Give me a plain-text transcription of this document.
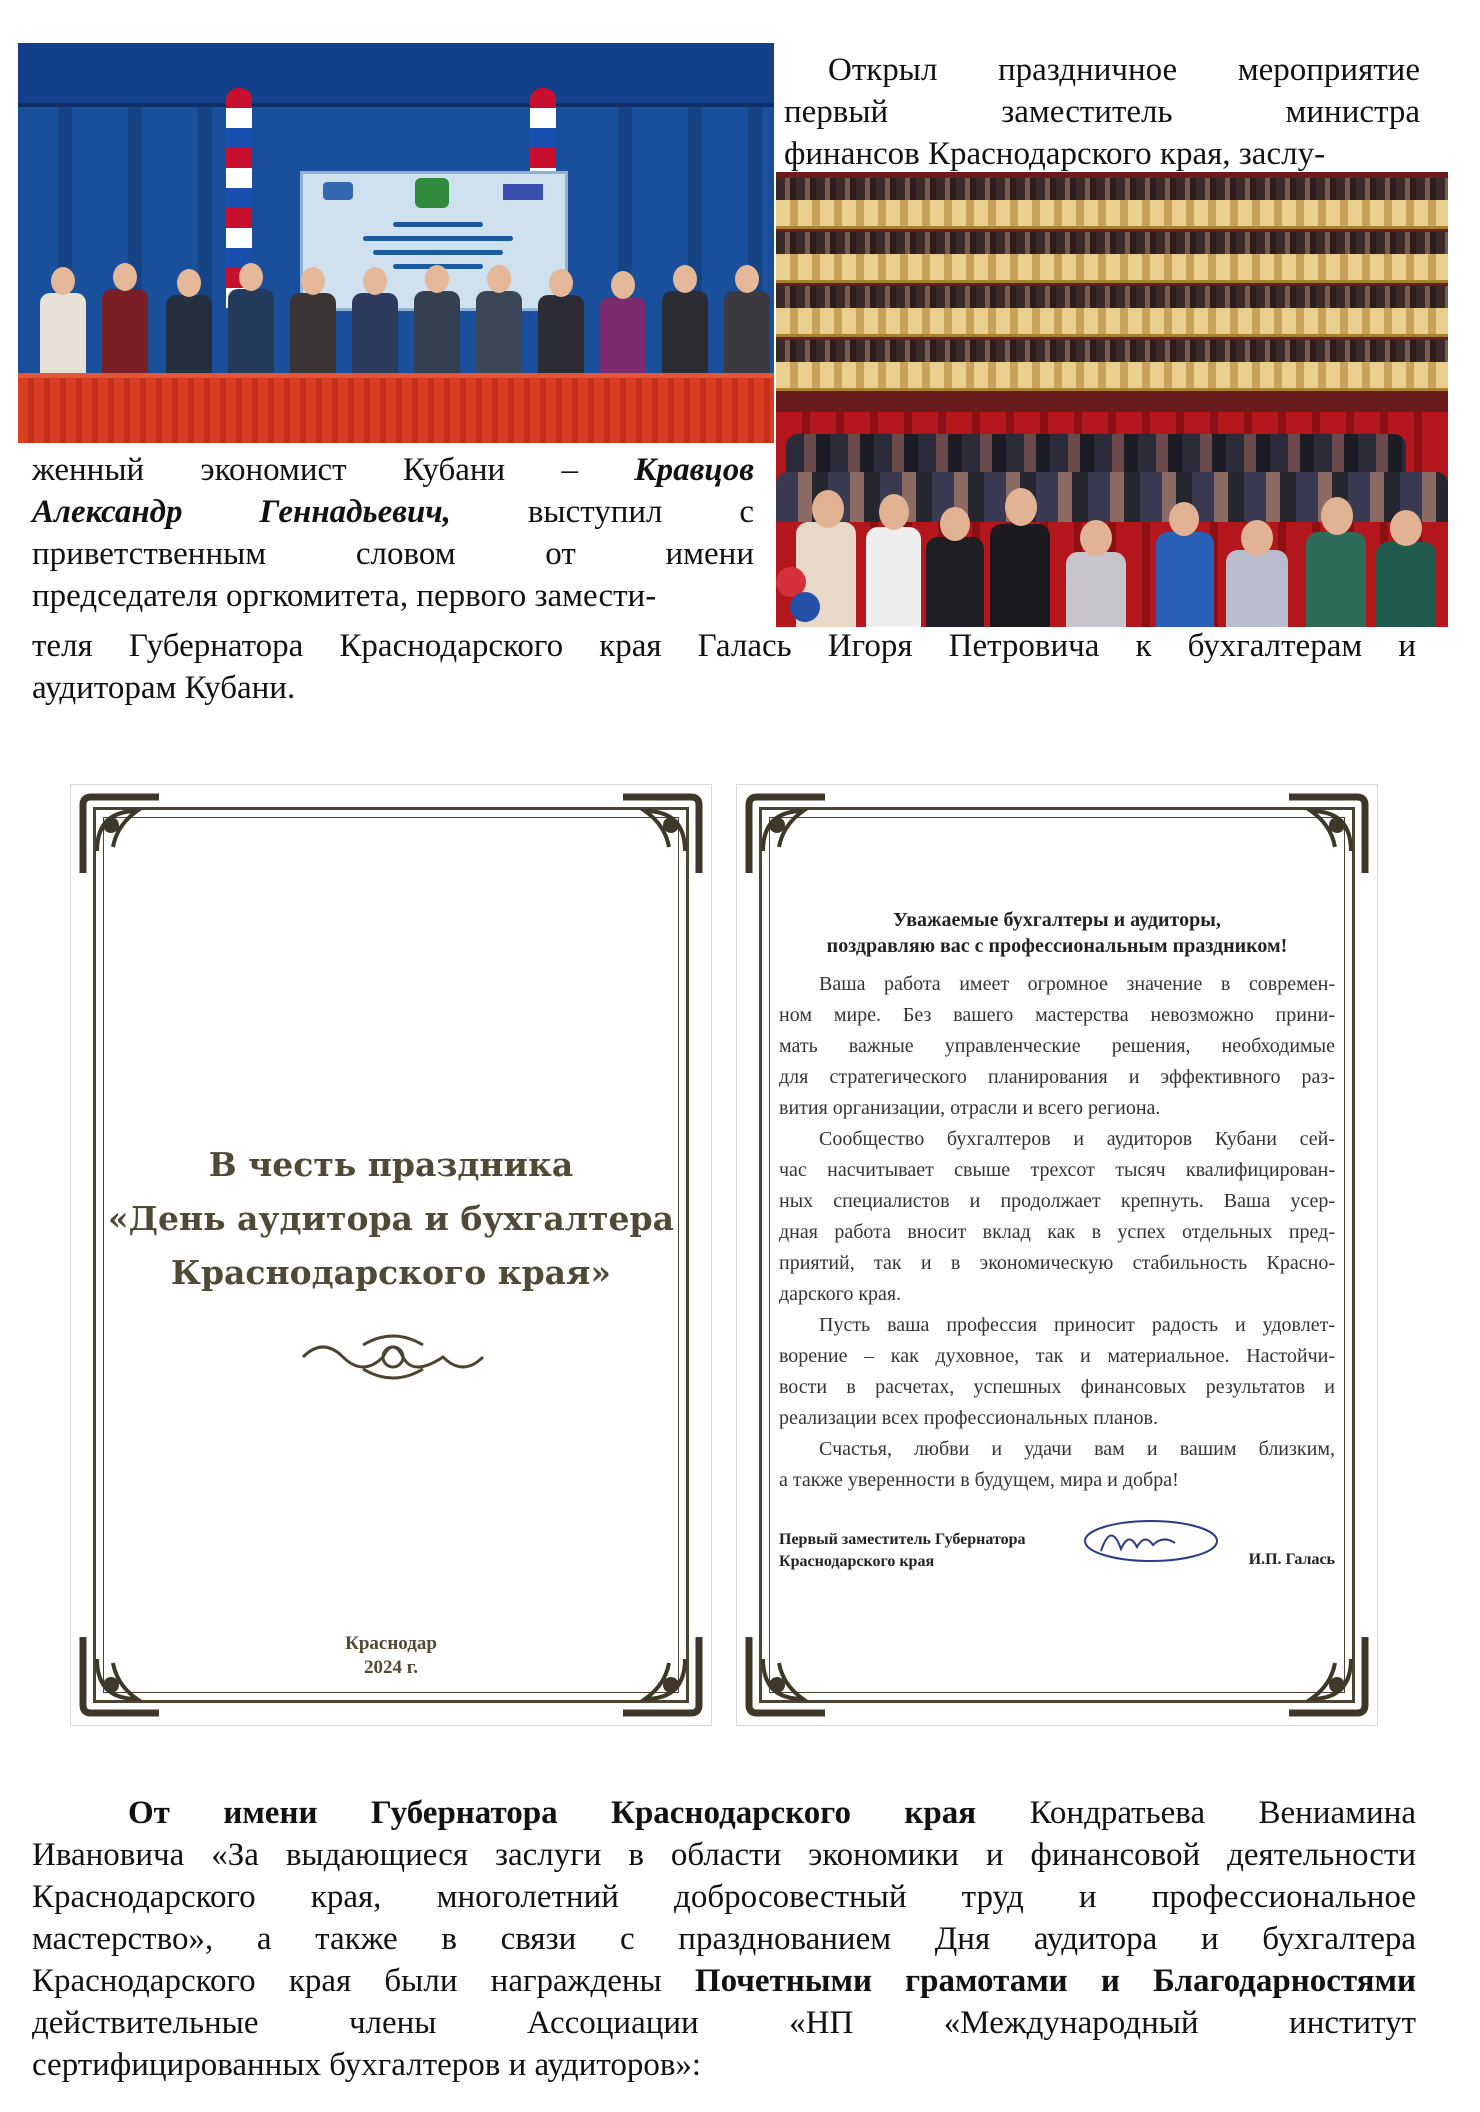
Открыл праздничное мероприятие
первый заместитель министра
финансов Краснодарского края, заслу-
женный экономист Кубани – Кравцов
Александр Геннадьевич, выступил с
приветственным словом от имени
председателя оргкомитета, первого замести-
теля Губернатора Краснодарского края Галась Игоря Петровича к бухгалтерам и
аудиторам Кубани.
В честь праздника
«День аудитора и бухгалтера
Краснодарского края»
Краснодар
2024 г.
Уважаемые бухгалтеры и аудиторы,
поздравляю вас с профессиональным праздником!
Ваша работа имеет огромное значение в современ-
ном мире. Без вашего мастерства невозможно прини-
мать важные управленческие решения, необходимые
для стратегического планирования и эффективного раз-
вития организации, отрасли и всего региона.
Сообщество бухгалтеров и аудиторов Кубани сей-
час насчитывает свыше трехсот тысяч квалифицирован-
ных специалистов и продолжает крепнуть. Ваша усер-
дная работа вносит вклад как в успех отдельных пред-
приятий, так и в экономическую стабильность Красно-
дарского края.
Пусть ваша профессия приносит радость и удовлет-
ворение – как духовное, так и материальное. Настойчи-
вости в расчетах, успешных финансовых результатов и
реализации всех профессиональных планов.
Счастья, любви и удачи вам и вашим близким,
а также уверенности в будущем, мира и добра!
Первый заместитель Губернатора
Краснодарского края	И.П. Галась
От имени Губернатора Краснодарского края Кондратьева Вениамина
Ивановича «За выдающиеся заслуги в области экономики и финансовой деятельности
Краснодарского края, многолетний добросовестный труд и профессиональное
мастерство», а также в связи с празднованием Дня аудитора и бухгалтера
Краснодарского края были награждены Почетными грамотами и Благодарностями
действительные члены Ассоциации «НП «Международный институт
сертифицированных бухгалтеров и аудиторов»:
